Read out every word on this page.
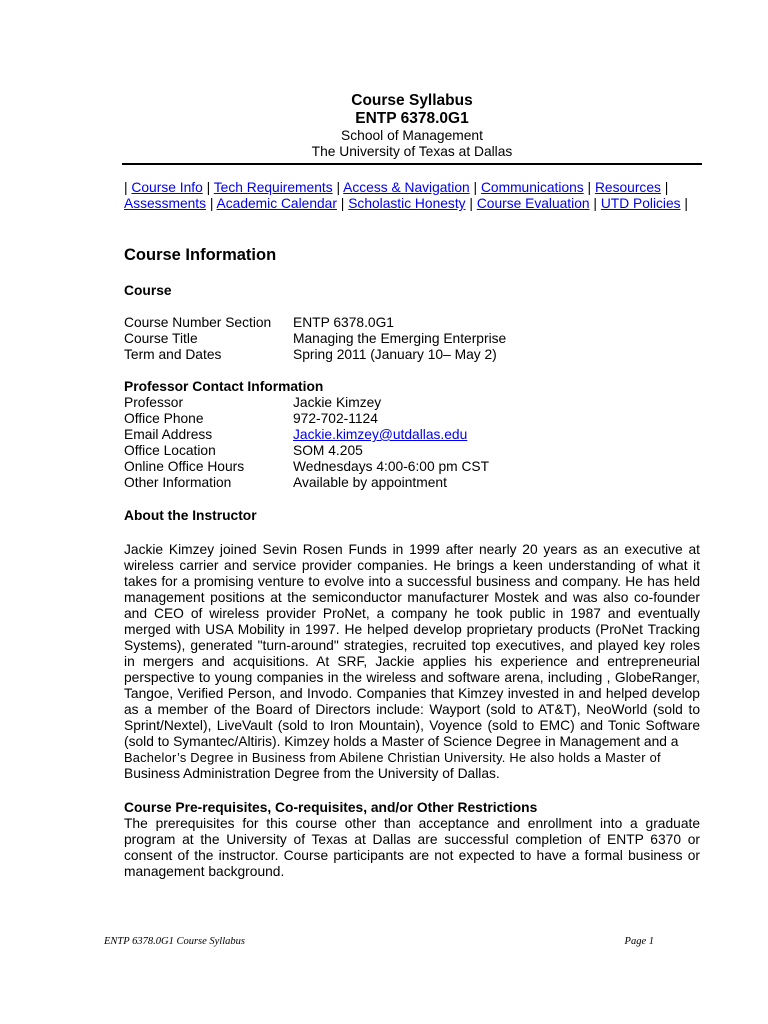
Course Syllabus
ENTP 6378.0G1
School of Management
The University of Texas at Dallas
| Course Info | Tech Requirements | Access & Navigation | Communications | Resources |
Assessments | Academic Calendar | Scholastic Honesty | Course Evaluation | UTD Policies |
Course Information
Course
Course Number Section	ENTP 6378.0G1
Course Title	Managing the Emerging Enterprise
Term and Dates	Spring 2011 (January 10– May 2)
Professor Contact Information
Professor	Jackie Kimzey
Office Phone	972-702-1124
Email Address	Jackie.kimzey@utdallas.edu
Office Location	SOM 4.205
Online Office Hours	Wednesdays 4:00-6:00 pm CST
Other Information	Available by appointment
About the Instructor

Jackie Kimzey joined Sevin Rosen Funds in 1999 after nearly 20 years as an executive at wireless carrier and service provider companies. He brings a keen understanding of what it takes for a promising venture to evolve into a successful business and company. He has held management positions at the semiconductor manufacturer Mostek and was also co-founder and CEO of wireless provider ProNet, a company he took public in 1987 and eventually merged with USA Mobility in 1997. He helped develop proprietary products (ProNet Tracking Systems), generated "turn-around" strategies, recruited top executives, and played key roles in mergers and acquisitions. At SRF, Jackie applies his experience and entrepreneurial perspective to young companies in the wireless and software arena, including , GlobeRanger, Tangoe, Verified Person, and Invodo. Companies that Kimzey invested in and helped develop as a member of the Board of Directors include: Wayport (sold to AT&T), NeoWorld (sold to Sprint/Nextel), LiveVault (sold to Iron Mountain), Voyence (sold to EMC) and Tonic Software (sold to Symantec/Altiris). Kimzey holds a Master of Science Degree in Management and a

Bachelor’s Degree in Business from Abilene Christian University. He also holds a Master of
Business Administration Degree from the University of Dallas.
Course Pre-requisites, Co-requisites, and/or Other Restrictions

The prerequisites for this course other than acceptance and enrollment into a graduate program at the University of Texas at Dallas are successful completion of ENTP 6370 or consent of the instructor. Course participants are not expected to have a formal business or management background.

ENTP 6378.0G1 Course Syllabus	Page 1
